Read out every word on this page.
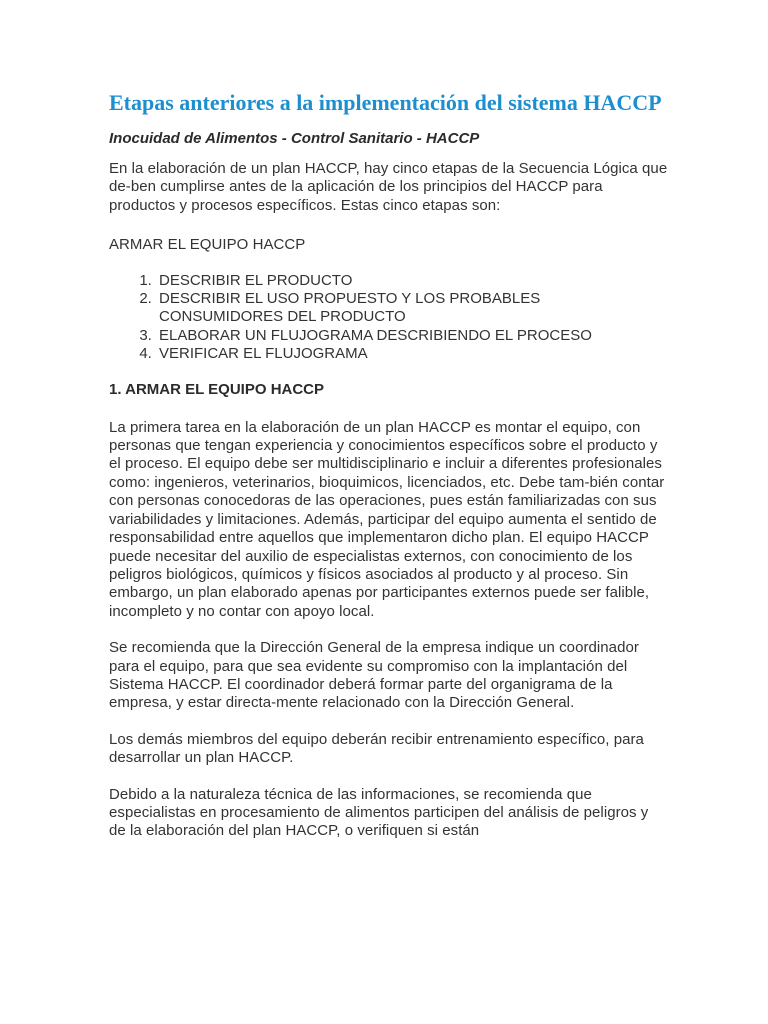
Etapas anteriores a la implementación del sistema HACCP

Inocuidad de Alimentos - Control Sanitario - HACCP

En la elaboración de un plan HACCP, hay cinco etapas de la Secuencia Lógica que de-ben cumplirse antes de la aplicación de los principios del HACCP para productos y procesos específicos. Estas cinco etapas son:

ARMAR EL EQUIPO HACCP

1. DESCRIBIR EL PRODUCTO
2. DESCRIBIR EL USO PROPUESTO Y LOS PROBABLES CONSUMIDORES DEL PRODUCTO
3. ELABORAR UN FLUJOGRAMA DESCRIBIENDO EL PROCESO
4. VERIFICAR EL FLUJOGRAMA
1. ARMAR EL EQUIPO HACCP

La primera tarea en la elaboración de un plan HACCP es montar el equipo, con personas que tengan experiencia y conocimientos específicos sobre el producto y el proceso. El equipo debe ser multidisciplinario e incluir a diferentes profesionales como: ingenieros, veterinarios, bioquimicos, licenciados, etc. Debe tam-bién contar con personas conocedoras de las operaciones, pues están familiarizadas con sus variabilidades y limitaciones. Además, participar del equipo aumenta el sentido de responsabilidad entre aquellos que implementaron dicho plan. El equipo HACCP puede necesitar del auxilio de especialistas externos, con conocimiento de los peligros biológicos, químicos y físicos asociados al producto y al proceso. Sin embargo, un plan elaborado apenas por participantes externos puede ser falible, incompleto y no contar con apoyo local.

Se recomienda que la Dirección General de la empresa indique un coordinador para el equipo, para que sea evidente su compromiso con la implantación del Sistema HACCP. El coordinador deberá formar parte del organigrama de la empresa, y estar directa-mente relacionado con la Dirección General.

Los demás miembros del equipo deberán recibir entrenamiento específico, para desarrollar un plan HACCP.

Debido a la naturaleza técnica de las informaciones, se recomienda que especialistas en procesamiento de alimentos participen del análisis de peligros y de la elaboración del plan HACCP, o verifiquen si están
